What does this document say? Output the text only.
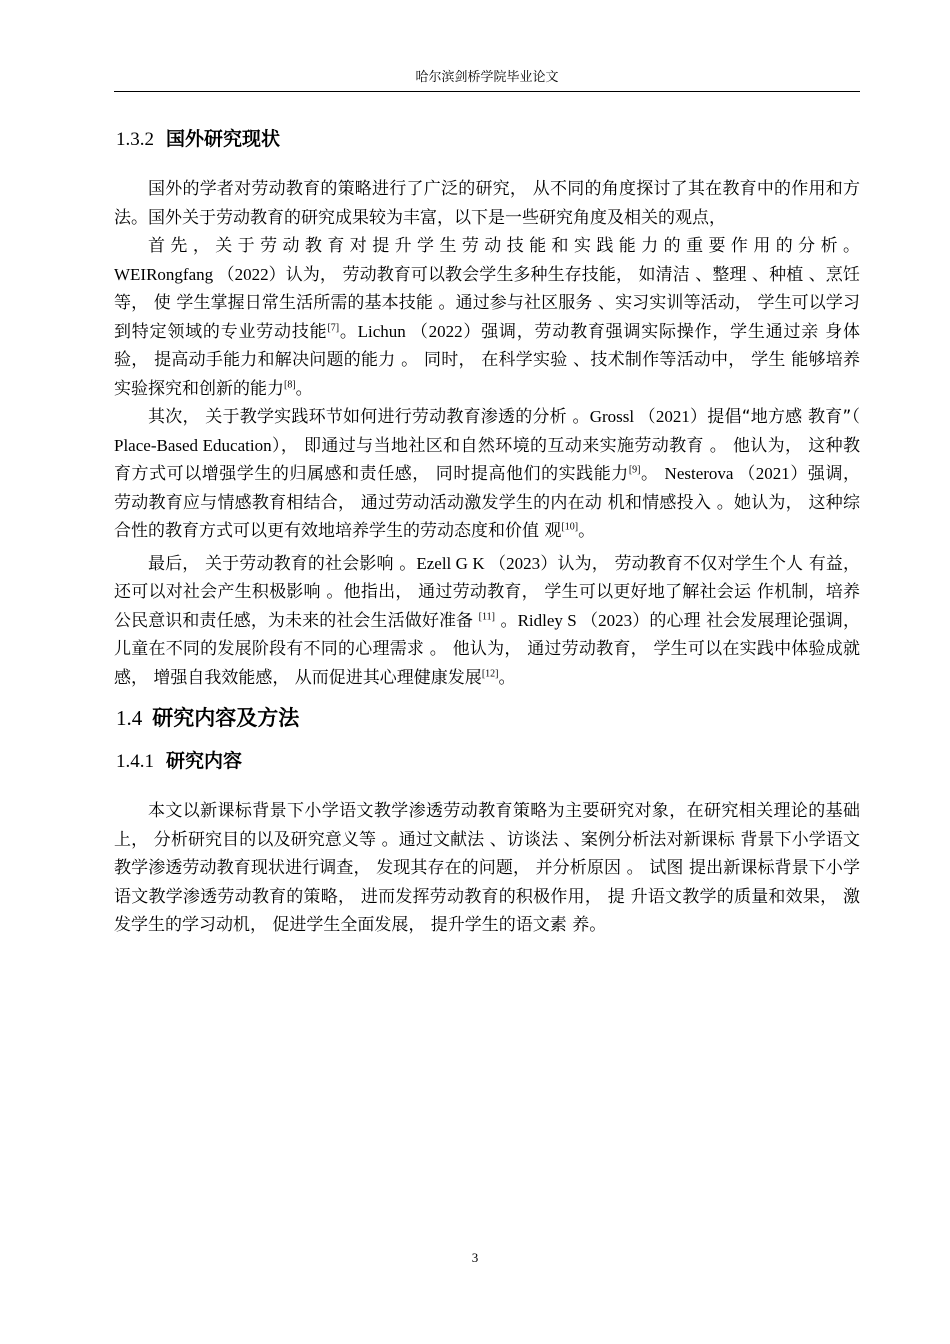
哈尔滨剑桥学院毕业论文
1.3.2 国外研究现状

国外的学者对劳动教育的策略进行了广泛的研究， 从不同的角度探讨了其在教育中的作用和方法。国外关于劳动教育的研究成果较为丰富，以下是一些研究角度及相关的观点，

首先，关于劳动教育对提升学生劳动技能和实践能力的重要作用的分析。WEIRongfang （2022）认为， 劳动教育可以教会学生多种生存技能， 如清洁 、整理 、种植 、烹饪等， 使 学生掌握日常生活所需的基本技能 。通过参与社区服务 、实习实训等活动， 学生可以学习 到特定领域的专业劳动技能[7]。Lichun （2022）强调，劳动教育强调实际操作，学生通过亲 身体验， 提高动手能力和解决问题的能力 。 同时， 在科学实验 、技术制作等活动中， 学生 能够培养实验探究和创新的能力[8]。

其次， 关于教学实践环节如何进行劳动教育渗透的分析 。Grossl （2021）提倡“地方感 教育”（ Place-Based Education）， 即通过与当地社区和自然环境的互动来实施劳动教育 。 他认为， 这种教育方式可以增强学生的归属感和责任感， 同时提高他们的实践能力[9]。 Nesterova （2021）强调， 劳动教育应与情感教育相结合， 通过劳动活动激发学生的内在动 机和情感投入 。她认为， 这种综合性的教育方式可以更有效地培养学生的劳动态度和价值 观[10]。

最后， 关于劳动教育的社会影响 。Ezell G K （2023）认为， 劳动教育不仅对学生个人 有益， 还可以对社会产生积极影响 。他指出， 通过劳动教育， 学生可以更好地了解社会运 作机制，培养公民意识和责任感，为未来的社会生活做好准备 [11] 。Ridley S （2023）的心理 社会发展理论强调， 儿童在不同的发展阶段有不同的心理需求 。 他认为， 通过劳动教育， 学生可以在实践中体验成就感， 增强自我效能感， 从而促进其心理健康发展[12]。

1.4 研究内容及方法
1.4.1 研究内容

本文以新课标背景下小学语文教学渗透劳动教育策略为主要研究对象，在研究相关理论的基础上， 分析研究目的以及研究意义等 。通过文献法 、访谈法 、案例分析法对新课标 背景下小学语文教学渗透劳动教育现状进行调查， 发现其存在的问题， 并分析原因 。 试图 提出新课标背景下小学语文教学渗透劳动教育的策略， 进而发挥劳动教育的积极作用， 提 升语文教学的质量和效果， 激发学生的学习动机， 促进学生全面发展， 提升学生的语文素 养。

3
